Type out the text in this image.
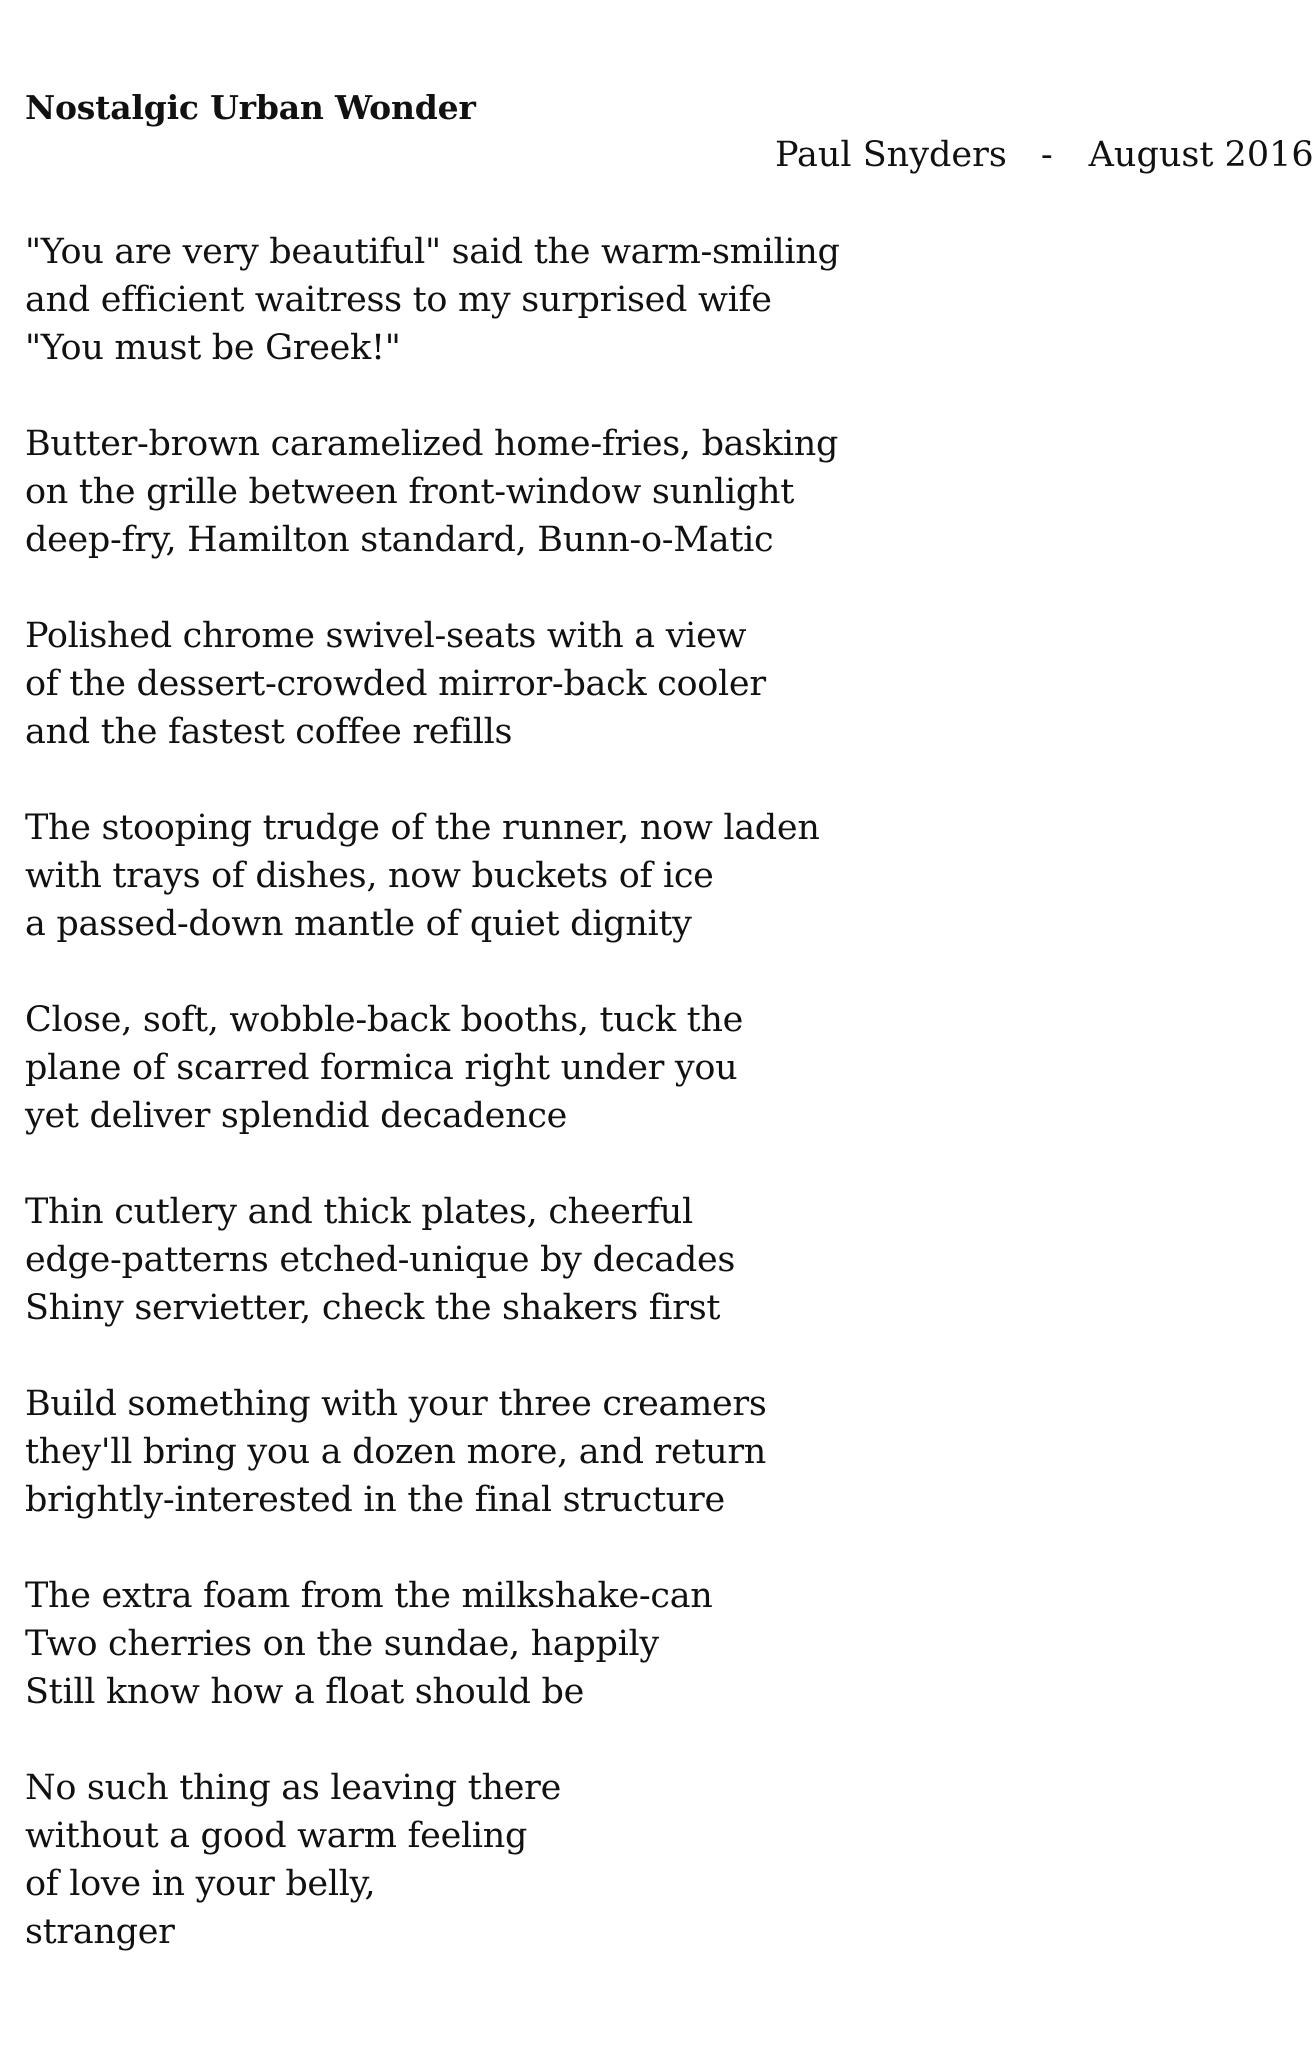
Nostalgic Urban Wonder
Paul Snyders - August 2016
"You are very beautiful" said the warm-smiling
and efficient waitress to my surprised wife
"You must be Greek!"
Butter-brown caramelized home-fries, basking
on the grille between front-window sunlight
deep-fry, Hamilton standard, Bunn-o-Matic
Polished chrome swivel-seats with a view
of the dessert-crowded mirror-back cooler
and the fastest coffee refills
The stooping trudge of the runner, now laden
with trays of dishes, now buckets of ice
a passed-down mantle of quiet dignity
Close, soft, wobble-back booths, tuck the
plane of scarred formica right under you
yet deliver splendid decadence
Thin cutlery and thick plates, cheerful
edge-patterns etched-unique by decades
Shiny servietter, check the shakers first
Build something with your three creamers
they'll bring you a dozen more, and return
brightly-interested in the final structure
The extra foam from the milkshake-can
Two cherries on the sundae, happily
Still know how a float should be
No such thing as leaving there
without a good warm feeling
of love in your belly,
stranger
